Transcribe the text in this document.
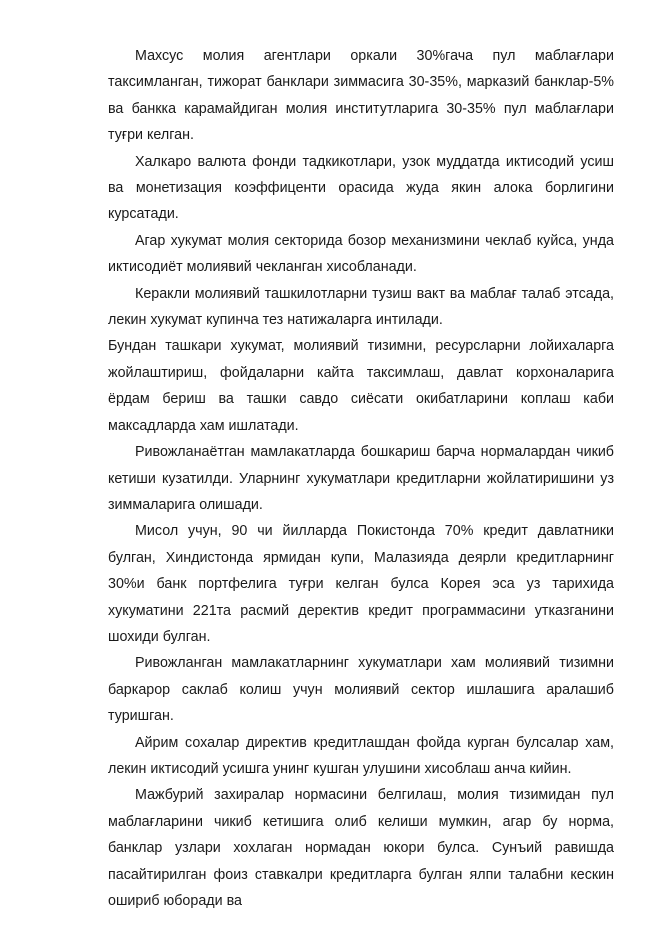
Махсус молия агентлари оркали 30%гача пул маблағлари таксимланган, тижорат банклари зиммасига 30-35%, марказий банклар-5% ва банкка карамайдиган молия институтларига 30-35% пул маблағлари туғри келган.

Халкаро валюта фонди тадкикотлари, узок муддатда иктисодий усиш ва монетизация коэффиценти орасида жуда якин алока борлигини курсатади.

Агар хукумат молия секторида бозор механизмини чеклаб куйса, унда иктисодиёт молиявий чекланган хисобланади.

Керакли молиявий ташкилотларни тузиш вакт ва маблағ талаб этсада, лекин хукумат купинча тез натижаларга интилади.

Бундан ташкари хукумат, молиявий тизимни, ресурсларни лойихаларга жойлаштириш, фойдаларни кайта таксимлаш, давлат корхоналарига ёрдам бериш ва ташки савдо сиёсати окибатларини коплаш каби максадларда хам ишлатади.

Ривожланаётган мамлакатларда бошкариш барча нормалардан чикиб кетиши кузатилди. Уларнинг хукуматлари кредитларни жойлатиришини уз зиммаларига олишади.

Мисол учун, 90 чи йилларда Покистонда 70% кредит давлатники булган, Хиндистонда ярмидан купи, Малазияда деярли кредитларнинг 30%и банк портфелига туғри келган булса Корея эса уз тарихида хукуматини 221та расмий деректив кредит программасини утказганини шохиди булган.

Ривожланган мамлакатларнинг хукуматлари хам молиявий тизимни баркарор саклаб колиш учун молиявий сектор ишлашига аралашиб туришган.

Айрим сохалар директив кредитлашдан фойда курган булсалар хам, лекин иктисодий усишга унинг кушган улушини хисоблаш анча кийин.

Мажбурий захиралар нормасини белгилаш, молия тизимидан пул маблағларини чикиб кетишига олиб келиши мумкин, агар бу норма, банклар узлари хохлаган нормадан юкори булса. Сунъий равишда пасайтирилган фоиз ставкалри кредитларга булган ялпи талабни кескин ошириб юборади ва
